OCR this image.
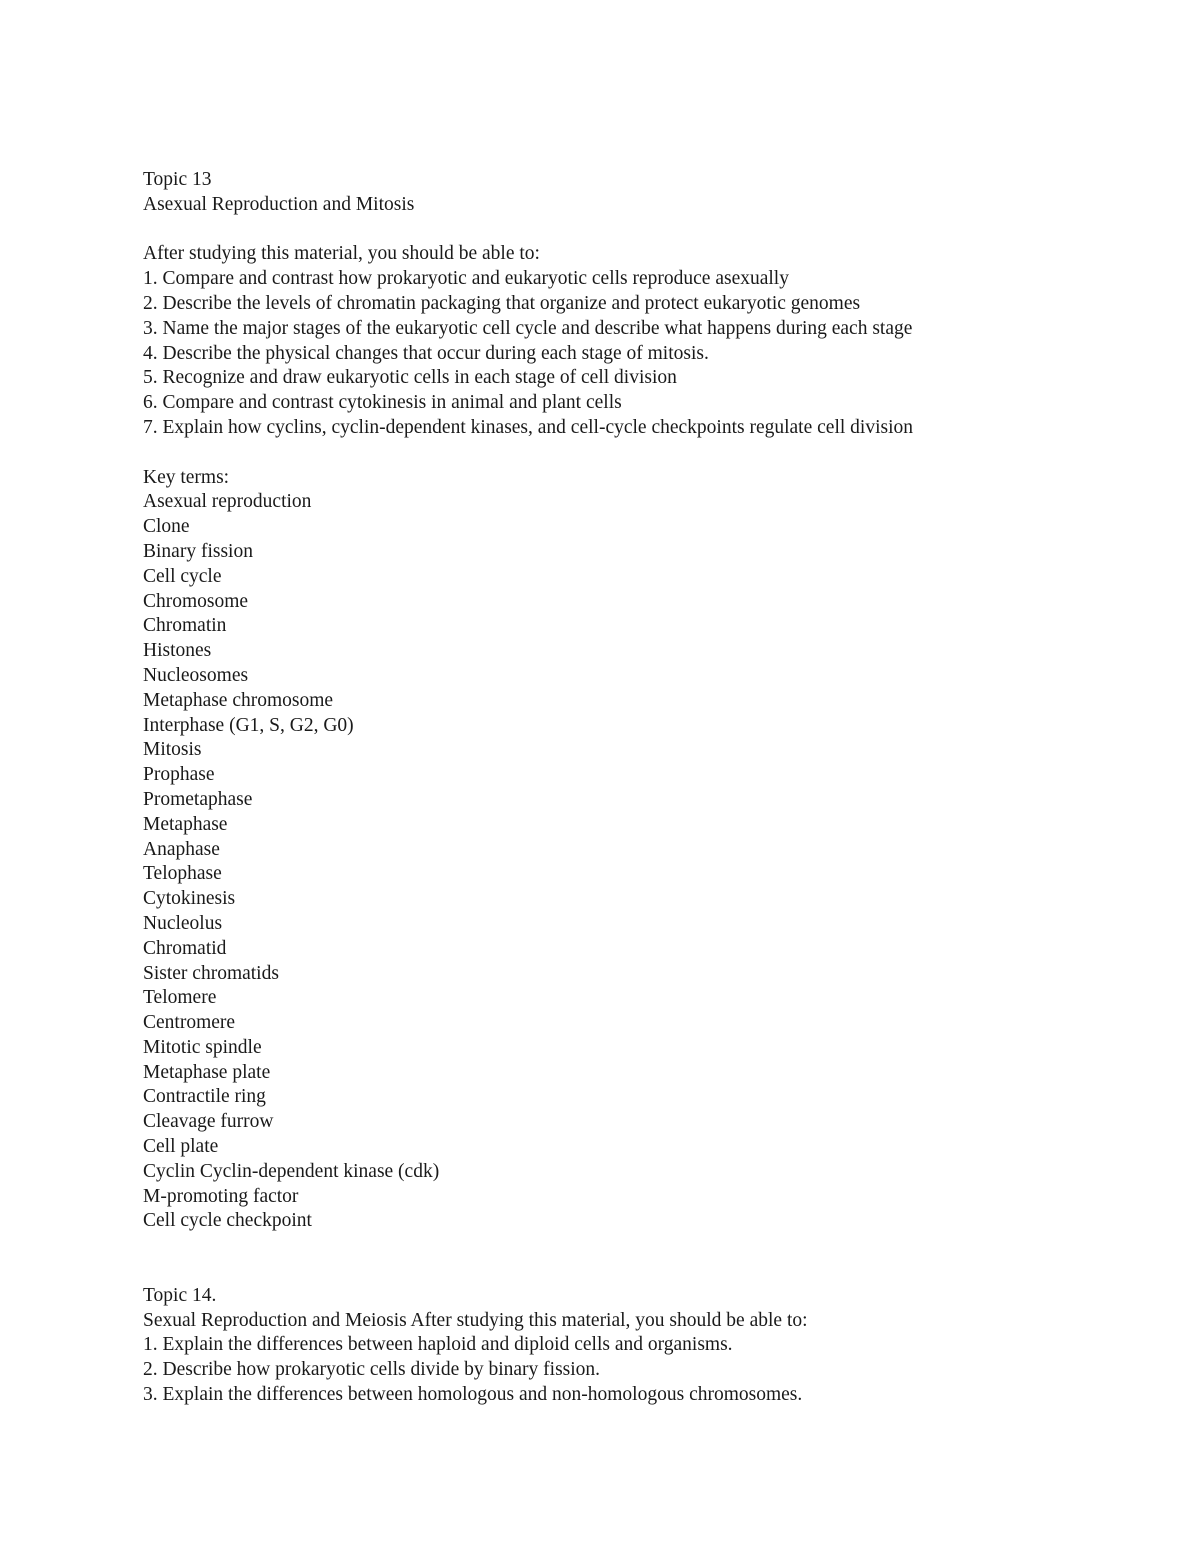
Topic 13
Asexual Reproduction and Mitosis
After studying this material, you should be able to:
1. Compare and contrast how prokaryotic and eukaryotic cells reproduce asexually
2. Describe the levels of chromatin packaging that organize and protect eukaryotic genomes
3. Name the major stages of the eukaryotic cell cycle and describe what happens during each stage
4. Describe the physical changes that occur during each stage of mitosis.
5. Recognize and draw eukaryotic cells in each stage of cell division
6. Compare and contrast cytokinesis in animal and plant cells
7. Explain how cyclins, cyclin-dependent kinases, and cell-cycle checkpoints regulate cell division
Key terms:
Asexual reproduction
Clone
Binary fission
Cell cycle
Chromosome
Chromatin
Histones
Nucleosomes
Metaphase chromosome
Interphase (G1, S, G2, G0)
Mitosis
Prophase
Prometaphase
Metaphase
Anaphase
Telophase
Cytokinesis
Nucleolus
Chromatid
Sister chromatids
Telomere
Centromere
Mitotic spindle
Metaphase plate
Contractile ring
Cleavage furrow
Cell plate
Cyclin Cyclin-dependent kinase (cdk)
M-promoting factor
Cell cycle checkpoint
Topic 14.
Sexual Reproduction and Meiosis After studying this material, you should be able to:
1. Explain the differences between haploid and diploid cells and organisms.
2. Describe how prokaryotic cells divide by binary fission.
3. Explain the differences between homologous and non-homologous chromosomes.
